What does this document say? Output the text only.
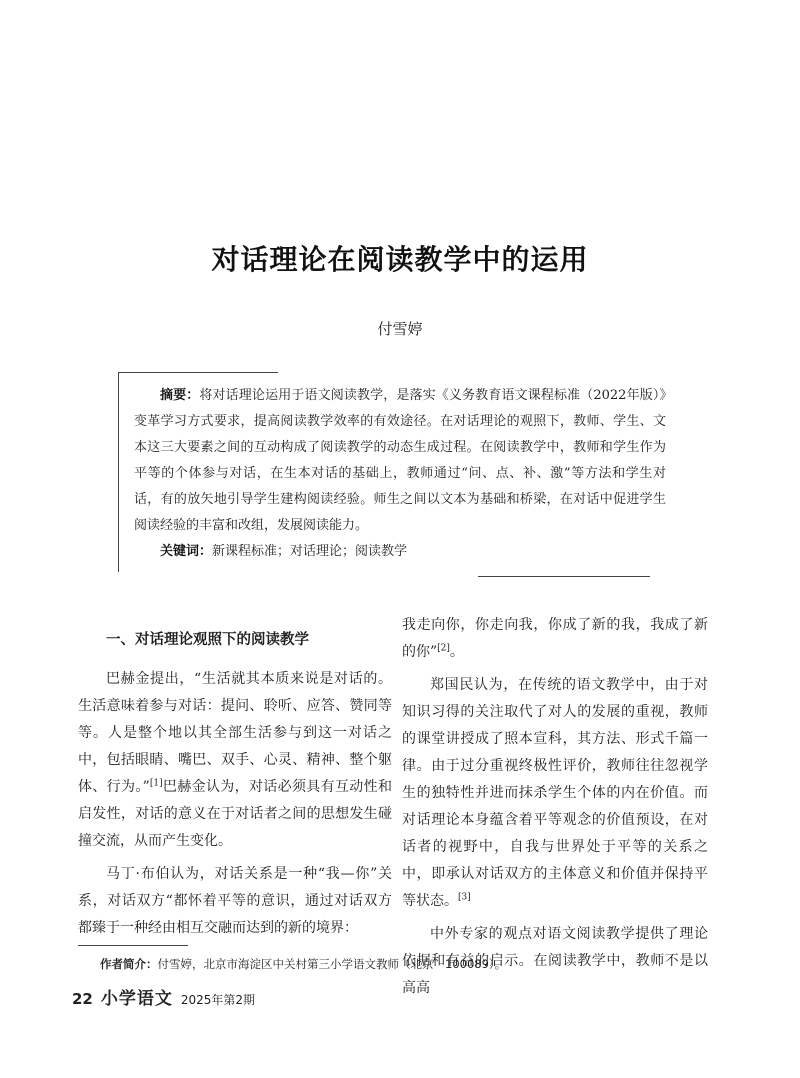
对话理论在阅读教学中的运用
付雪婷
摘要：将对话理论运用于语文阅读教学，是落实《义务教育语文课程标准（2022年版）》变革学习方式要求，提高阅读教学效率的有效途径。在对话理论的观照下，教师、学生、文本这三大要素之间的互动构成了阅读教学的动态生成过程。在阅读教学中，教师和学生作为平等的个体参与对话，在生本对话的基础上，教师通过“问、点、补、激”等方法和学生对话，有的放矢地引导学生建构阅读经验。师生之间以文本为基础和桥梁，在对话中促进学生阅读经验的丰富和改组，发展阅读能力。
关键词：新课程标准；对话理论；阅读教学
一、对话理论观照下的阅读教学

巴赫金提出，“生活就其本质来说是对话的。生活意味着参与对话：提问、聆听、应答、赞同等等。人是整个地以其全部生活参与到这一对话之中，包括眼睛、嘴巴、双手、心灵、精神、整个躯体、行为。”[1]巴赫金认为，对话必须具有互动性和启发性，对话的意义在于对话者之间的思想发生碰撞交流，从而产生变化。

马丁·布伯认为，对话关系是一种“我—你”关系，对话双方“都怀着平等的意识，通过对话双方都臻于一种经由相互交融而达到的新的境界：

我走向你，你走向我，你成了新的我，我成了新的你”[2]。

郑国民认为，在传统的语文教学中，由于对知识习得的关注取代了对人的发展的重视，教师的课堂讲授成了照本宣科，其方法、形式千篇一律。由于过分重视终极性评价，教师往往忽视学生的独特性并进而抹杀学生个体的内在价值。而对话理论本身蕴含着平等观念的价值预设，在对话者的视野中，自我与世界处于平等的关系之中，即承认对话双方的主体意义和价值并保持平等状态。[3]

中外专家的观点对语文阅读教学提供了理论依据和有益的启示。在阅读教学中，教师不是以高高

作者简介：付雪婷，北京市海淀区中关村第三小学语文教师（北京　100089）。
22 小学语文 2025年第2期
